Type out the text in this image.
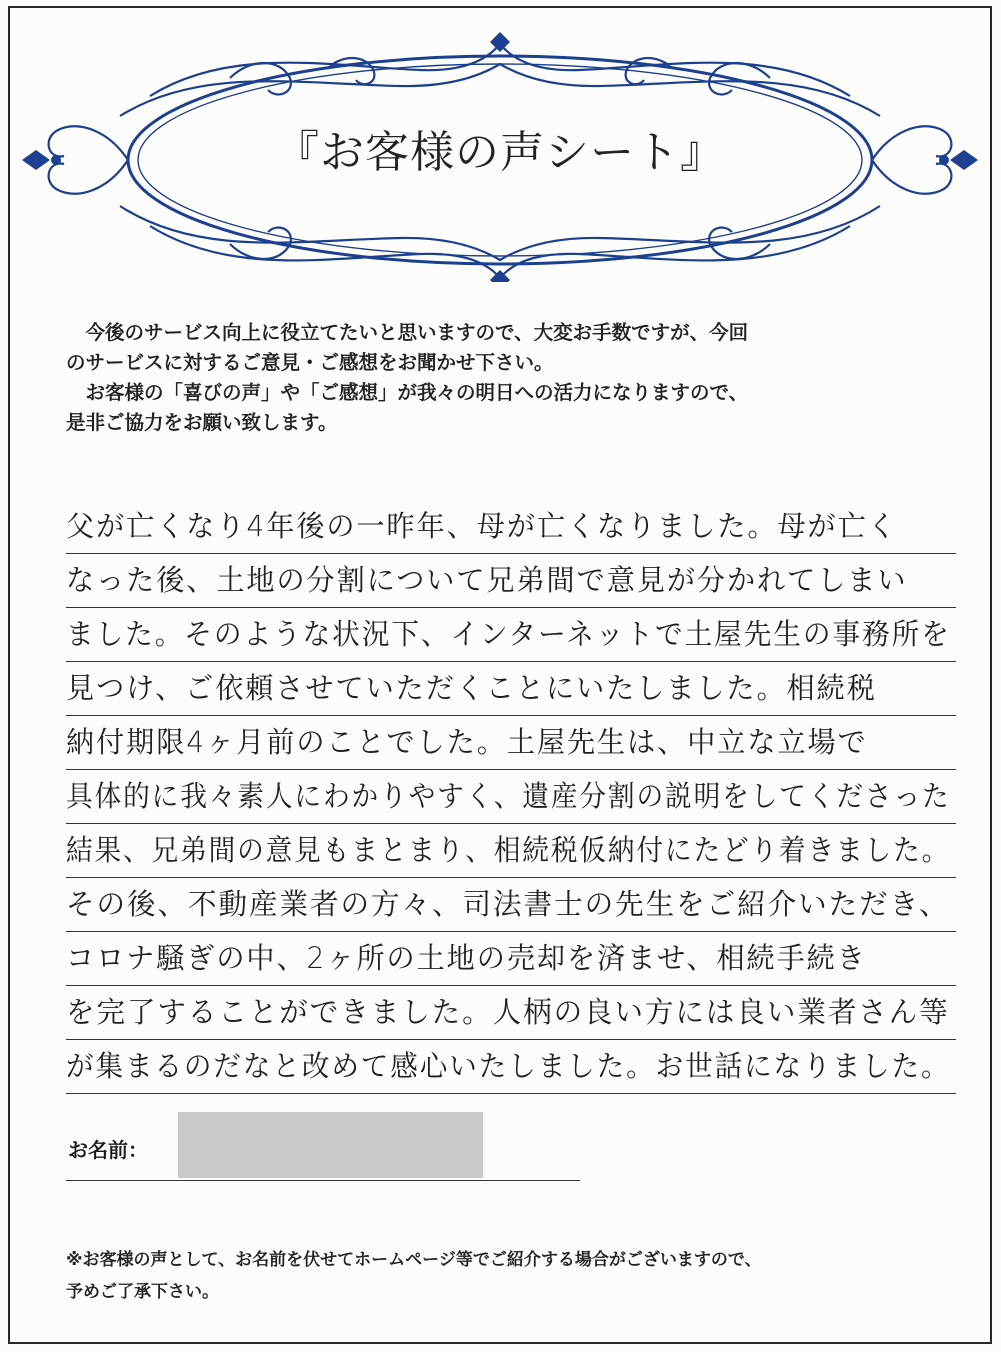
『お客様の声シート』

　今後のサービス向上に役立てたいと思いますので、大変お手数ですが、今回

のサービスに対するご意見・ご感想をお聞かせ下さい。

　お客様の「喜びの声」や「ご感想」が我々の明日への活力になりますので、

是非ご協力をお願い致します。

父が亡くなり4年後の一昨年、母が亡くなりました。母が亡く
なった後、土地の分割について兄弟間で意見が分かれてしまい
ました。そのような状況下、インターネットで土屋先生の事務所を
見つけ、ご依頼させていただくことにいたしました。相続税
納付期限4ヶ月前のことでした。土屋先生は、中立な立場で
具体的に我々素人にわかりやすく、遺産分割の説明をしてくださった
結果、兄弟間の意見もまとまり、相続税仮納付にたどり着きました。
その後、不動産業者の方々、司法書士の先生をご紹介いただき、
コロナ騒ぎの中、2ヶ所の土地の売却を済ませ、相続手続き
を完了することができました。人柄の良い方には良い業者さん等
が集まるのだなと改めて感心いたしました。お世話になりました。
お名前：

※お客様の声として、お名前を伏せてホームページ等でご紹介する場合がございますので、

予めご了承下さい。
